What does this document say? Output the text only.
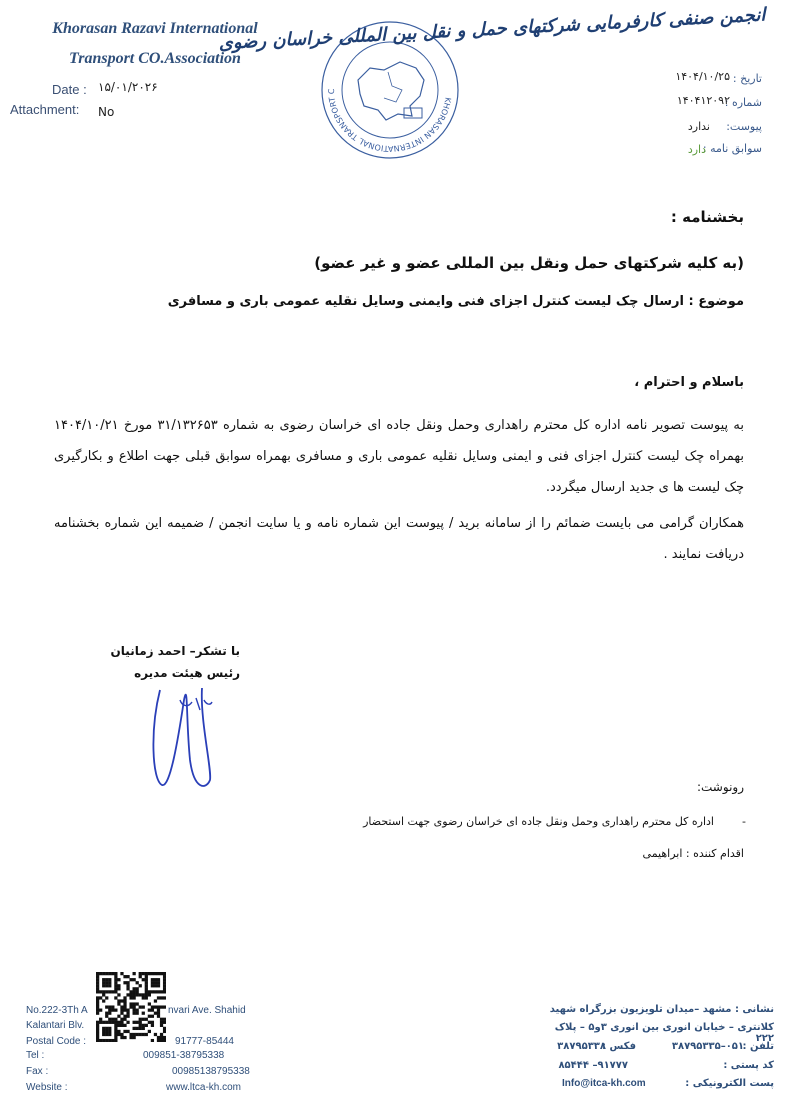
Khorasan Razavi International
Transport CO.Association
Date : ۱۵/۰۱/۲۰۲۶
Attachment: No
KHORASAN INTERNATIONAL TRANSPORT C
انجمن صنفی کارفرمایی شرکتهای حمل و نقل بین المللی خراسان رضوی
تاریخ :
۱۴۰۴/۱۰/۲۵
شماره :
۱۴۰۴۱۲۰۹۲
پیوست:
ندارد
سوابق نامه :
دارد
بخشنامه :
(به کلیه شرکتهای حمل ونقل بین المللی عضو و غیر عضو)
موضوع : ارسال چک لیست کنترل اجزای فنی وایمنی وسایل نقلیه عمومی باری و مسافری
باسلام و احترام ،
به پیوست تصویر نامه اداره کل محترم راهداری وحمل ونقل جاده ای خراسان رضوی به شماره ۳۱/۱۳۲۶۵۳ مورخ ۱۴۰۴/۱۰/۲۱ بهمراه چک لیست کنترل اجزای فنی و ایمنی وسایل نقلیه عمومی باری و مسافری بهمراه سوابق قبلی جهت اطلاع و بکارگیری چک لیست ها ی جدید ارسال میگردد.
همکاران گرامی می بایست ضمائم را از سامانه برید / پیوست این شماره نامه و یا سایت انجمن / ضمیمه این شماره بخشنامه دریافت نمایند .
با تشکر– احمد زمانیان
رئیس هیئت مدیره
رونوشت:
-
اداره کل محترم راهداری وحمل ونقل جاده ای خراسان رضوی جهت استحضار
اقدام کننده : ابراهیمی
No.222-3Th A	nvari Ave. Shahid
Kalantari Blv.
Postal Code :	91777-85444
Tel :	009851-38795338
Fax :	00985138795338
Website :	www.ltca-kh.com
نشانی : مشهد –میدان تلویزیون بزرگراه شهید
کلانتری – خیابان انوری بین انوری ۳و۵ – پلاک ۲۲۲
تلفن :
۰۵۱–۳۸۷۹۵۳۳۵
فکس :
۳۸۷۹۵۳۳۸
کد پستی :
۹۱۷۷۷– ۸۵۴۴۴
پست الکترونیکی :
Info@itca-kh.com
